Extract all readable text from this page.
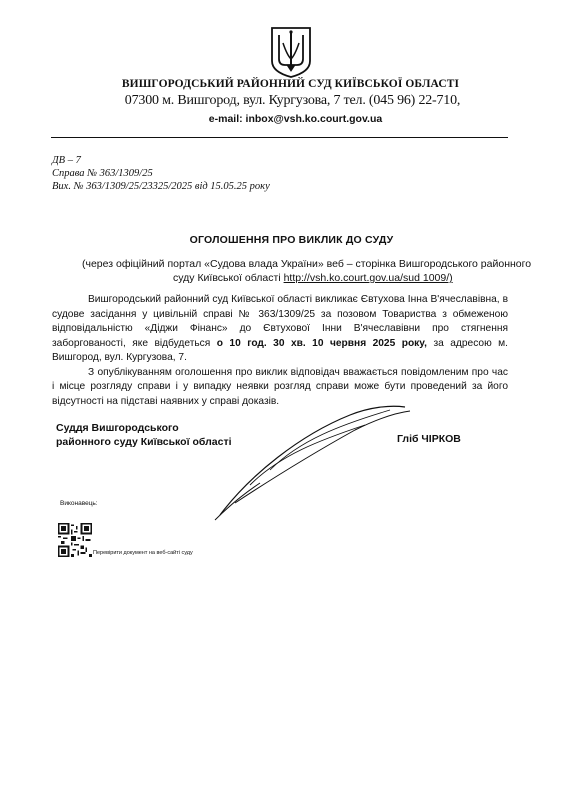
ВИШГОРОДСЬКИЙ РАЙОННИЙ СУД КИЇВСЬКОЇ ОБЛАСТІ
07300 м. Вишгород, вул. Кургузова, 7 тел. (045 96) 22-710,
e-mail: inbox@vsh.ko.court.gov.ua
ДВ – 7
Справа № 363/1309/25
Вих. № 363/1309/25/23325/2025 від 15.05.25 року
ОГОЛОШЕННЯ ПРО ВИКЛИК ДО СУДУ
(через офіційний портал «Судова влада України» веб – сторінка Вишгородського районного
суду Київської області http://vsh.ko.court.gov.ua/sud 1009/)

Вишгородський районний суд Київської області викликає Євтухова Інна В'ячеславівна, в судове засідання у цивільній справі № 363/1309/25 за позовом Товариства з обмеженою відповідальністю «Діджи Фінанс» до Євтухової Інни В'ячеславівни про стягнення заборгованості, яке відбудеться о 10 год. 30 хв. 10 червня 2025 року, за адресою м. Вишгород, вул. Кургузова, 7.

З опублікуванням оголошення про виклик відповідач вважається повідомленим про час і місце розгляду справи і у випадку неявки розгляд справи може бути проведений за його відсутності на підставі наявних у справі доказів.

Суддя Вишгородського
районного суду Київської області	Гліб ЧІРКОВ
Виконавець:
Перевірити документ на веб-сайті суду
